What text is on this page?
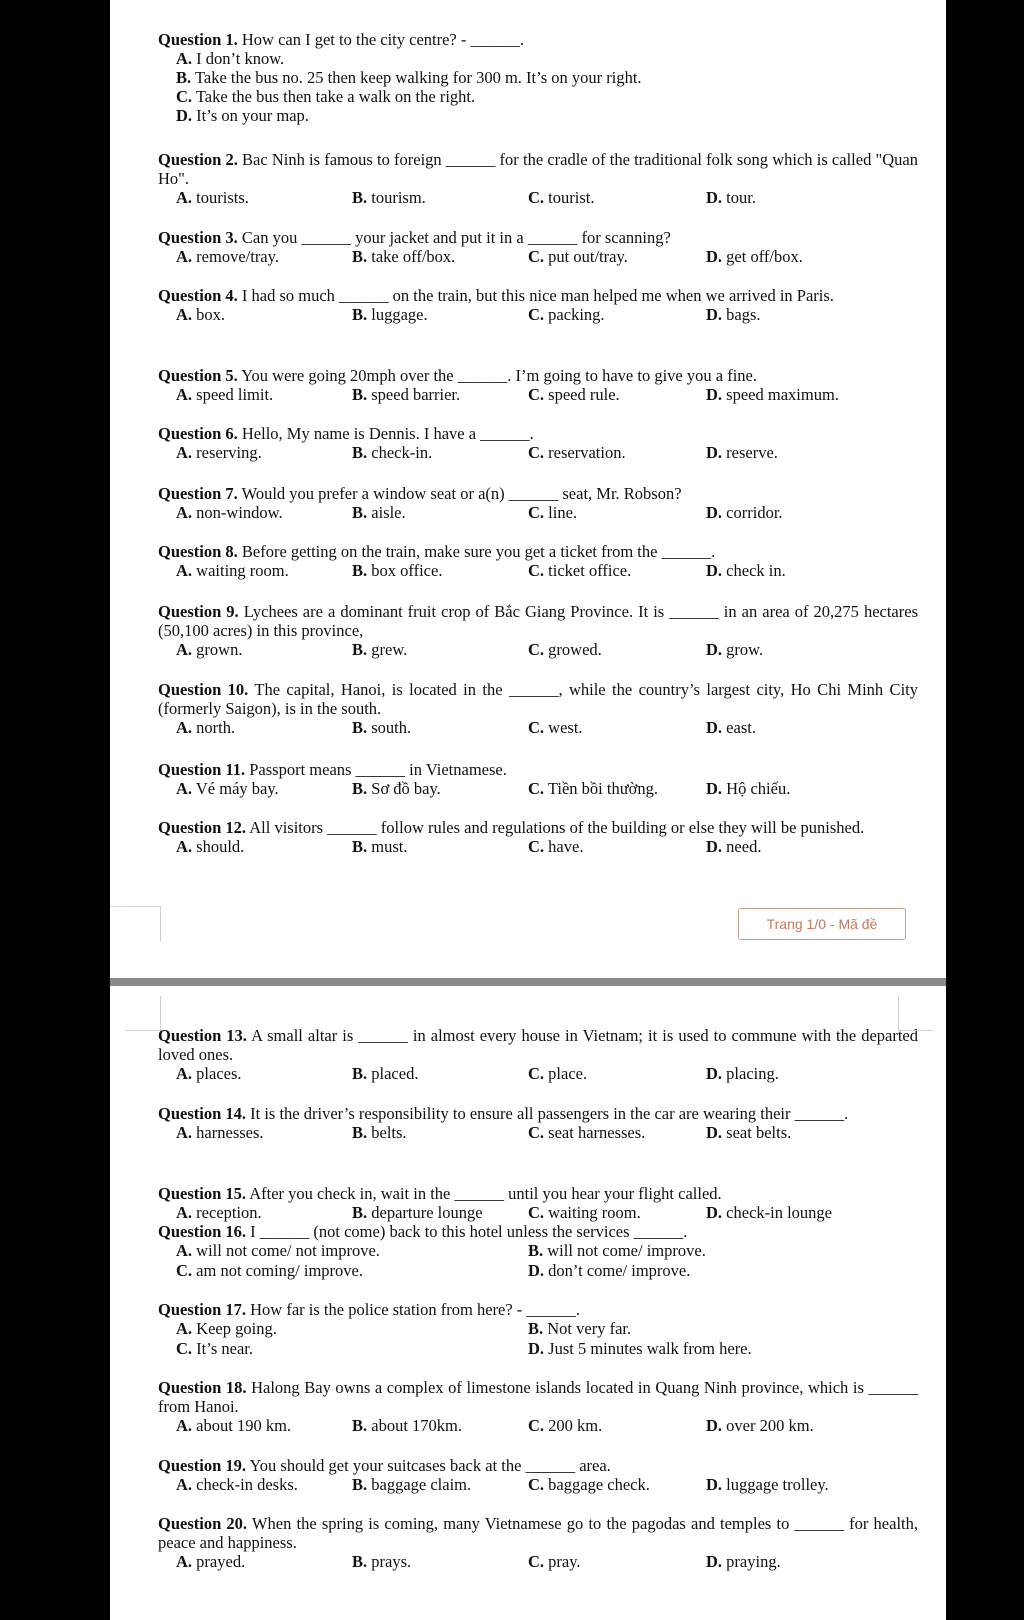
Question 1. How can I get to the city centre? - ______.
A. I don’t know.
B. Take the bus no. 25 then keep walking for 300 m. It’s on your right.
C. Take the bus then take a walk on the right.
D. It’s on your map.
Question 2. Bac Ninh is famous to foreign ______ for the cradle of the traditional folk song which is called "Quan Ho".
A. tourists.	B. tourism.	C. tourist.	D. tour.
Question 3. Can you ______ your jacket and put it in a ______ for scanning?
A. remove/tray.	B. take off/box.	C. put out/tray.	D. get off/box.
Question 4. I had so much ______ on the train, but this nice man helped me when we arrived in Paris.
A. box.	B. luggage.	C. packing.	D. bags.
Question 5. You were going 20mph over the ______. I’m going to have to give you a fine.
A. speed limit.	B. speed barrier.	C. speed rule.	D. speed maximum.
Question 6. Hello, My name is Dennis. I have a ______.
A. reserving.	B. check-in.	C. reservation.	D. reserve.
Question 7. Would you prefer a window seat or a(n) ______ seat, Mr. Robson?
A. non-window.	B. aisle.	C. line.	D. corridor.
Question 8. Before getting on the train, make sure you get a ticket from the ______.
A. waiting room.	B. box office.	C. ticket office.	D. check in.
Question 9. Lychees are a dominant fruit crop of Bắc Giang Province. It is ______ in an area of 20,275 hectares (50,100 acres) in this province,
A. grown.	B. grew.	C. growed.	D. grow.
Question 10. The capital, Hanoi, is located in the ______, while the country’s largest city, Ho Chi Minh City (formerly Saigon), is in the south.
A. north.	B. south.	C. west.	D. east.
Question 11. Passport means ______ in Vietnamese.
A. Vé máy bay.	B. Sơ đồ bay.	C. Tiền bồi thường.	D. Hộ chiếu.
Question 12. All visitors ______ follow rules and regulations of the building or else they will be punished.
A. should.	B. must.	C. have.	D. need.
Trang 1/0 - Mã đề
Question 13. A small altar is ______ in almost every house in Vietnam; it is used to commune with the departed loved ones.
A. places.	B. placed.	C. place.	D. placing.
Question 14. It is the driver’s responsibility to ensure all passengers in the car are wearing their ______.
A. harnesses.	B. belts.	C. seat harnesses.	D. seat belts.
Question 15. After you check in, wait in the ______ until you hear your flight called.
A. reception.	B. departure lounge	C. waiting room.	D. check-in lounge
Question 16. I ______ (not come) back to this hotel unless the services ______.
A. will not come/ not improve.	B. will not come/ improve.
C. am not coming/ improve.	D. don’t come/ improve.
Question 17. How far is the police station from here? - ______.
A. Keep going.	B. Not very far.
C. It’s near.	D. Just 5 minutes walk from here.
Question 18. Halong Bay owns a complex of limestone islands located in Quang Ninh province, which is ______ from Hanoi.
A. about 190 km.	B. about 170km.	C. 200 km.	D. over 200 km.
Question 19. You should get your suitcases back at the ______ area.
A. check-in desks.	B. baggage claim.	C. baggage check.	D. luggage trolley.
Question 20. When the spring is coming, many Vietnamese go to the pagodas and temples to ______ for health, peace and happiness.
A. prayed.	B. prays.	C. pray.	D. praying.
